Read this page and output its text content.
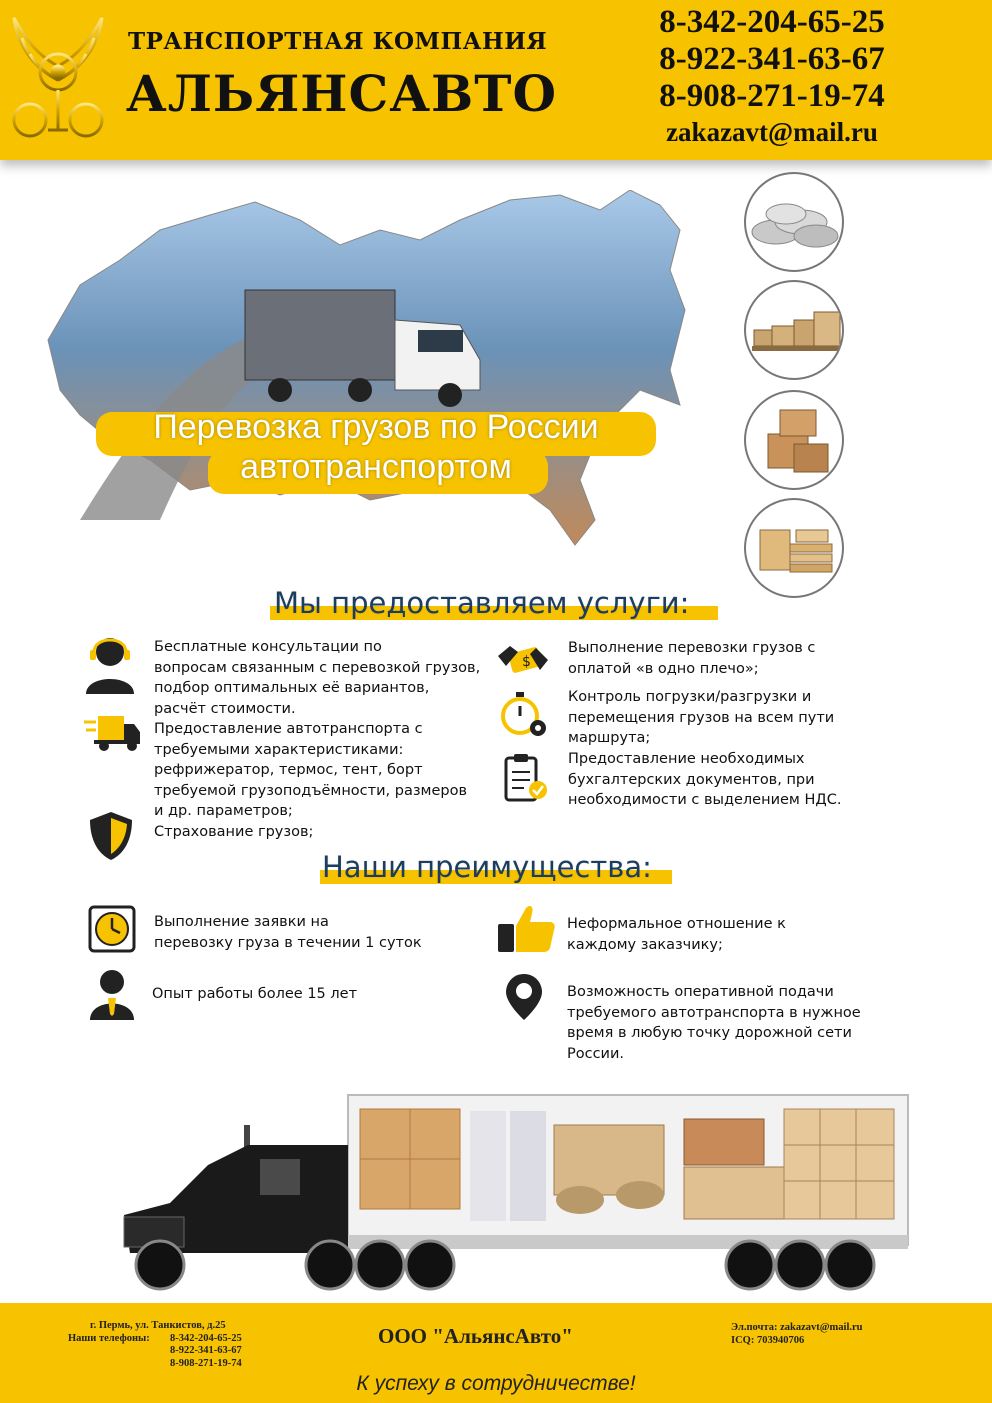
ТРАНСПОРТНАЯ КОМПАНИЯ
АЛЬЯНСАВТО
8-342-204-65-25
8-922-341-63-67
8-908-271-19-74
zakazavt@mail.ru
Перевозка грузов по России
автотранспортом
Мы предоставляем услуги:
$
Бесплатные консультации по
вопросам связанным с перевозкой грузов,
подбор оптимальных её вариантов,
расчёт стоимости.
Предоставление автотранспорта с
требуемыми характеристиками:
рефрижератор, термос, тент, борт
требуемой грузоподъёмности, размеров
и др. параметров;
Страхование грузов;
Выполнение перевозки грузов с
оплатой «в одно плечо»;
Контроль погрузки/разгрузки и
перемещения грузов на всем пути
маршрута;
Предоставление необходимых
бухгалтерских документов, при
необходимости с выделением НДС.
Наши преимущества:
Выполнение заявки на
перевозку груза в течении 1 суток
Опыт работы более 15 лет
Неформальное отношение к
каждому заказчику;
Возможность оперативной подачи
требуемого автотранспорта в нужное
время в любую точку дорожной сети
России.
г. Пермь, ул. Танкистов, д.25
Наши телефоны:	8-342-204-65-25
8-922-341-63-67
8-908-271-19-74
ООО "АльянсАвто"	Эл.почта: zakazavt@mail.ru
ICQ: 703940706
К успеху в сотрудничестве!
